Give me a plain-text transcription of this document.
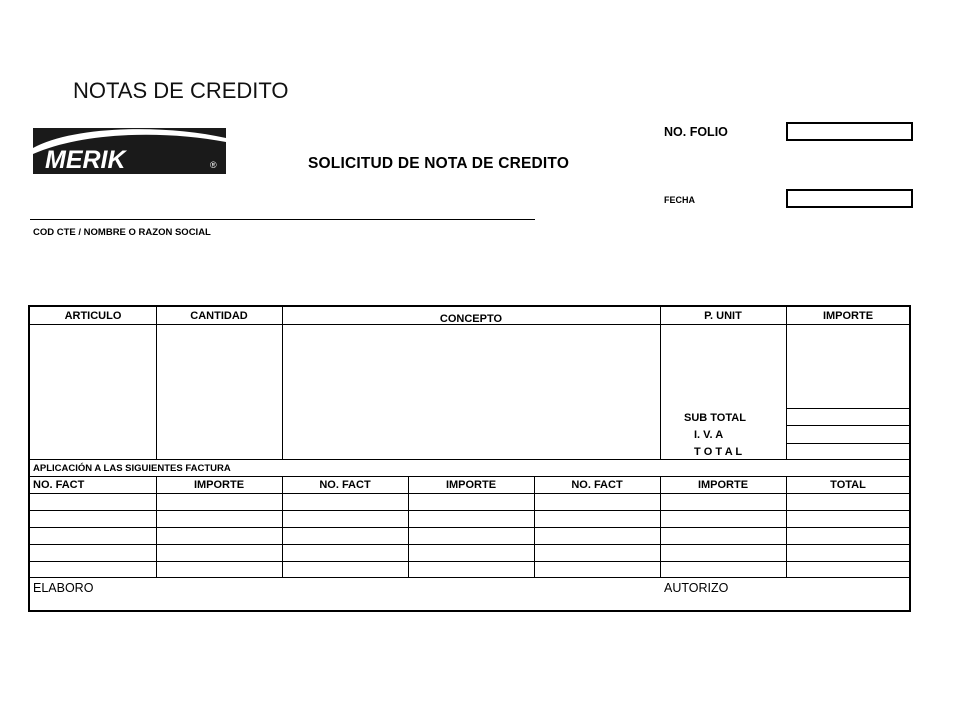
NOTAS DE CREDITO
MERIK	®	SOLICITUD DE NOTA DE CREDITO
NO. FOLIO
FECHA
COD CTE / NOMBRE O RAZON SOCIAL
ARTICULO	CANTIDAD	CONCEPTO	P. UNIT	IMPORTE
SUB TOTAL
I. V. A
T O T A L
APLICACIÓN A LAS SIGUIENTES FACTURA
NO. FACT	IMPORTE	NO. FACT	IMPORTE	NO. FACT	IMPORTE	TOTAL
ELABORO	AUTORIZO
